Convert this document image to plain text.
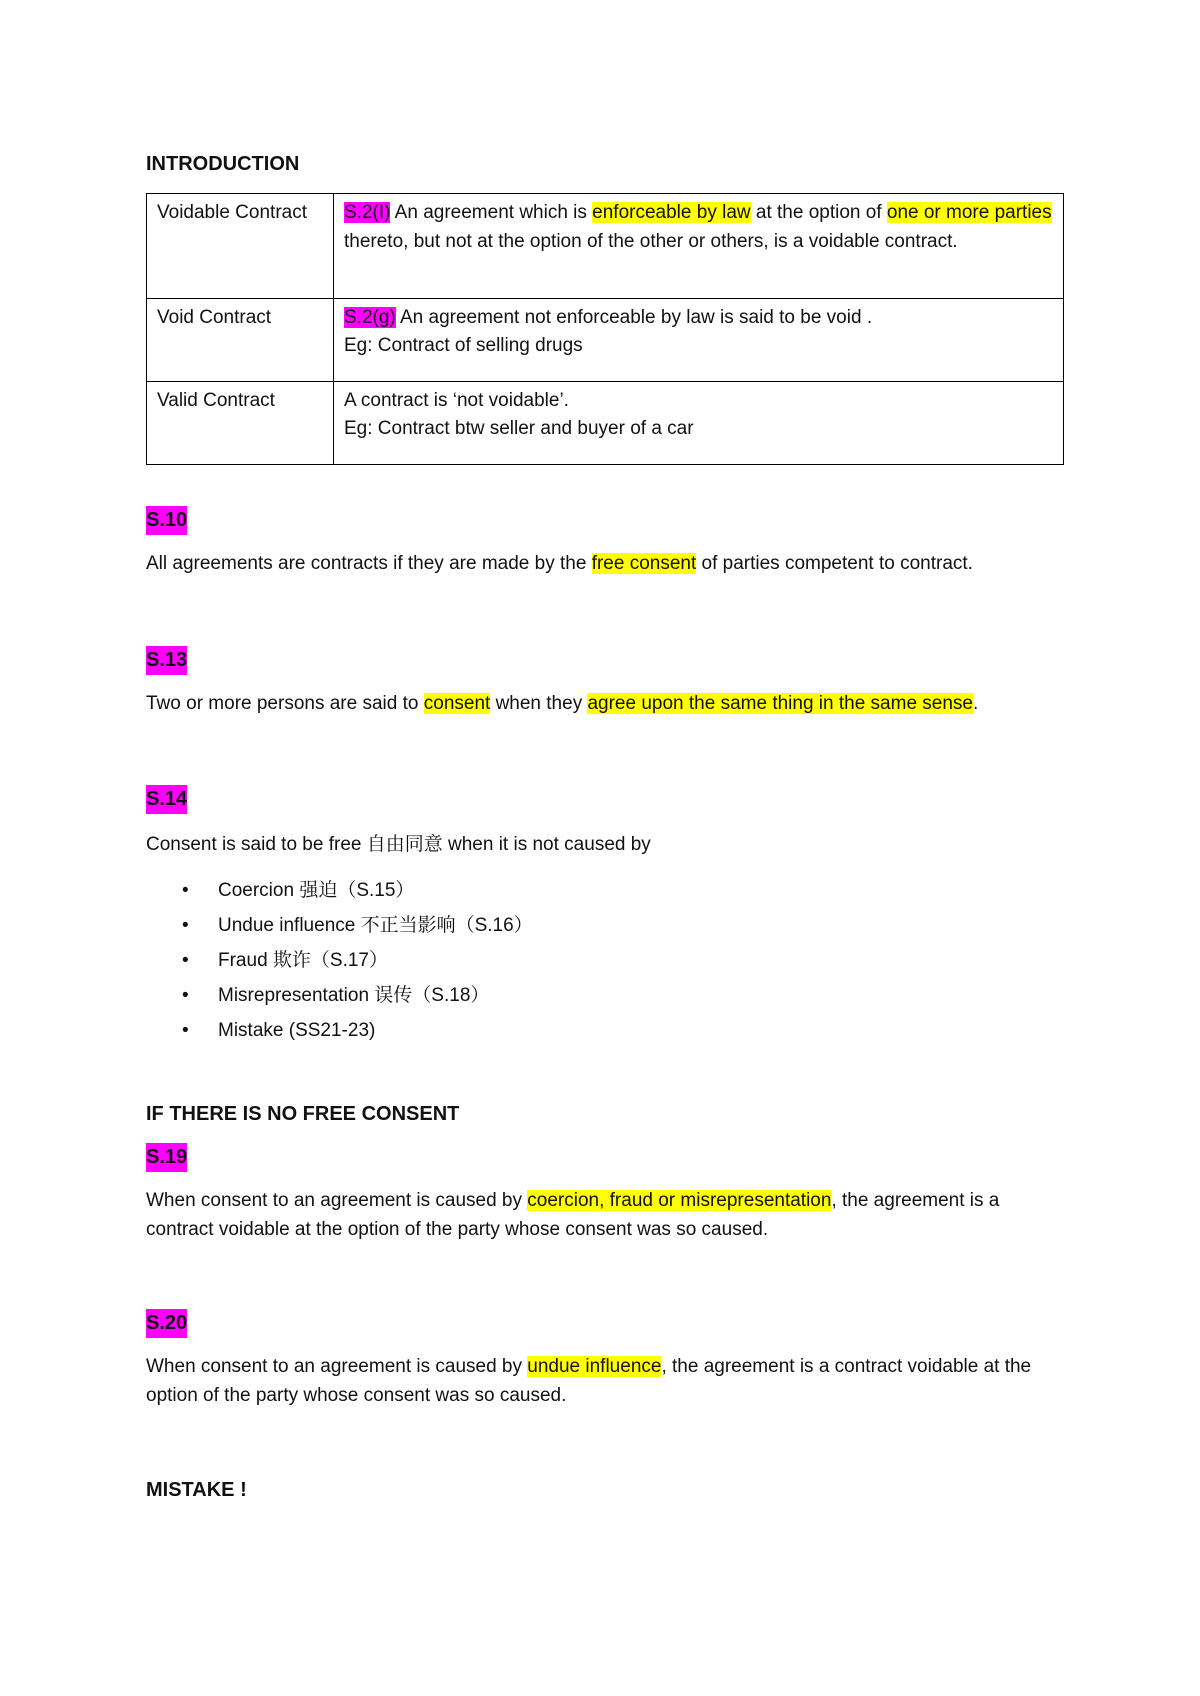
INTRODUCTION

Voidable Contract	S.2(I) An agreement which is enforceable by law at the option of one or more parties thereto, but not at the option of the other or others, is a voidable contract.
Void Contract	S.2(g) An agreement not enforceable by law is said to be void .
Eg: Contract of selling drugs

Valid Contract	A contract is ‘not voidable’.
Eg: Contract btw seller and buyer of a car

S.10

All agreements are contracts if they are made by the free consent of parties competent to contract.

S.13

Two or more persons are said to consent when they agree upon the same thing in the same sense.

S.14

Consent is said to be free 自由同意 when it is not caused by

• Coercion 强迫（S.15）
• Undue influence 不正当影响（S.16）
• Fraud 欺诈（S.17）
• Misrepresentation 误传（S.18）
• Mistake (SS21-23)

IF THERE IS NO FREE CONSENT

S.19

When consent to an agreement is caused by coercion, fraud or misrepresentation, the agreement is a contract voidable at the option of the party whose consent was so caused.

S.20

When consent to an agreement is caused by undue influence, the agreement is a contract voidable at the option of the party whose consent was so caused.

MISTAKE !
